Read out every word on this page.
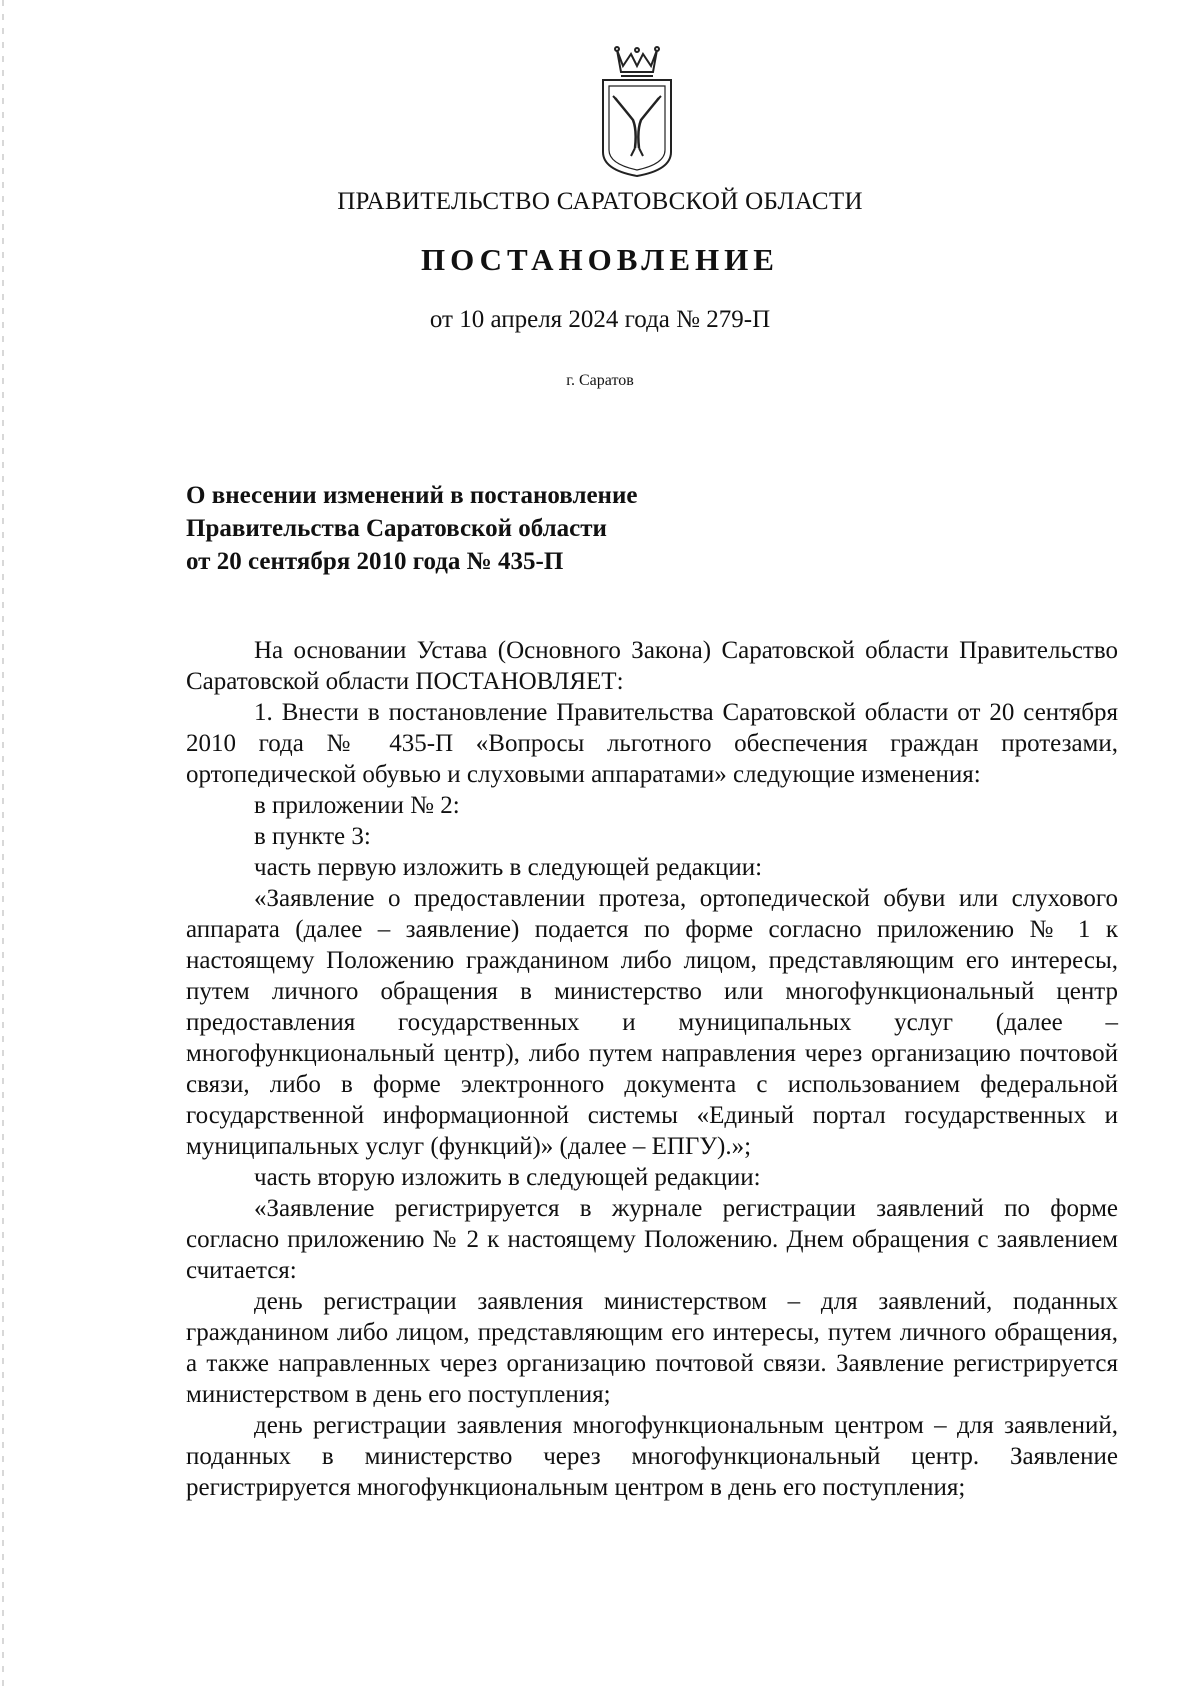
ПРАВИТЕЛЬСТВО САРАТОВСКОЙ ОБЛАСТИ
ПОСТАНОВЛЕНИЕ
от 10 апреля 2024 года № 279-П
г. Саратов
О внесении изменений в постановление
Правительства Саратовской области
от 20 сентября 2010 года № 435-П

На основании Устава (Основного Закона) Саратовской области Правительство Саратовской области ПОСТАНОВЛЯЕТ:

1. Внести в постановление Правительства Саратовской области от 20 сентября 2010 года № 435-П «Вопросы льготного обеспечения граждан протезами, ортопедической обувью и слуховыми аппаратами» следующие изменения:

в приложении № 2:

в пункте 3:

часть первую изложить в следующей редакции:

«Заявление о предоставлении протеза, ортопедической обуви или слухового аппарата (далее – заявление) подается по форме согласно приложению № 1 к настоящему Положению гражданином либо лицом, представляющим его интересы, путем личного обращения в министерство или многофункциональный центр предоставления государственных и муниципальных услуг (далее – многофункциональный центр), либо путем направления через организацию почтовой связи, либо в форме электронного документа с использованием федеральной государственной информационной системы «Единый портал государственных и муниципальных услуг (функций)» (далее – ЕПГУ).»;

часть вторую изложить в следующей редакции:

«Заявление регистрируется в журнале регистрации заявлений по форме согласно приложению № 2 к настоящему Положению. Днем обращения с заявлением считается:

день регистрации заявления министерством – для заявлений, поданных гражданином либо лицом, представляющим его интересы, путем личного обращения, а также направленных через организацию почтовой связи. Заявление регистрируется министерством в день его поступления;

день регистрации заявления многофункциональным центром – для заявлений, поданных в министерство через многофункциональный центр. Заявление регистрируется многофункциональным центром в день его поступления;
